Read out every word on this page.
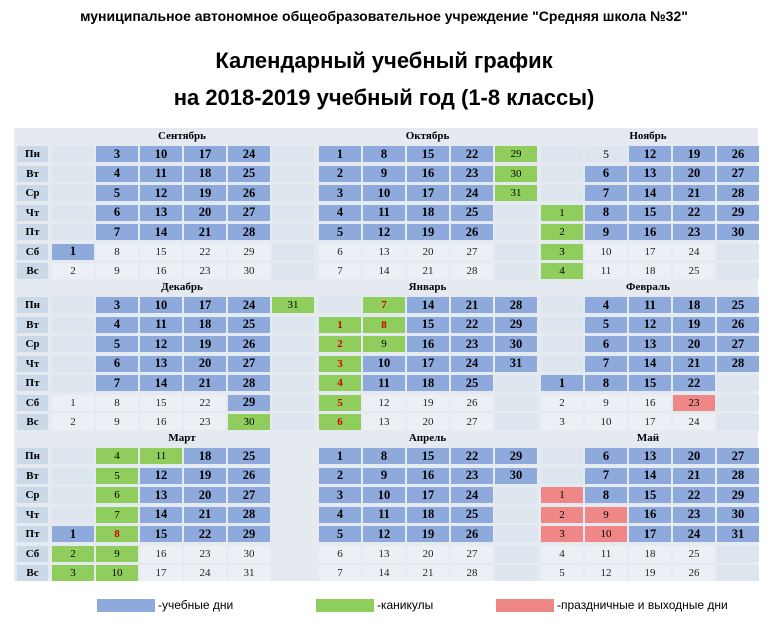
муниципальное автономное общеобразовательное учреждение "Средняя школа №32"
Календарный учебный график
на 2018-2019 учебный год (1-8 классы)
Пн
Вт
Ср
Чт
Пт
Сб
Вс
Сентябрь
1
2
3
4
5
6
7
8
9
10
11
12
13
14
15
16
17
18
19
20
21
22
23
24
25
26
27
28
29
30
Октябрь
1
2
3
4
5
6
7
8
9
10
11
12
13
14
15
16
17
18
19
20
21
22
23
24
25
26
27
28
29
30
31
Ноябрь
1
2
3
4
5
6
7
8
9
10
11
12
13
14
15
16
17
18
19
20
21
22
23
24
25
26
27
28
29
30
Пн
Вт
Ср
Чт
Пт
Сб
Вс
Декабрь
1
2
3
4
5
6
7
8
9
10
11
12
13
14
15
16
17
18
19
20
21
22
23
24
25
26
27
28
29
30
31
Январь
1
2
3
4
5
6
7
8
9
10
11
12
13
14
15
16
17
18
19
20
21
22
23
24
25
26
27
28
29
30
31
Февраль
1
2
3
4
5
6
7
8
9
10
11
12
13
14
15
16
17
18
19
20
21
22
23
24
25
26
27
28
Пн
Вт
Ср
Чт
Пт
Сб
Вс
Март
1
2
3
4
5
6
7
8
9
10
11
12
13
14
15
16
17
18
19
20
21
22
23
24
25
26
27
28
29
30
31
Апрель
1
2
3
4
5
6
7
8
9
10
11
12
13
14
15
16
17
18
19
20
21
22
23
24
25
26
27
28
29
30
Май
1
2
3
4
5
6
7
8
9
10
11
12
13
14
15
16
17
18
19
20
21
22
23
24
25
26
27
28
29
30
31
-учебные дни	-каникулы	-праздничные и выходные дни
